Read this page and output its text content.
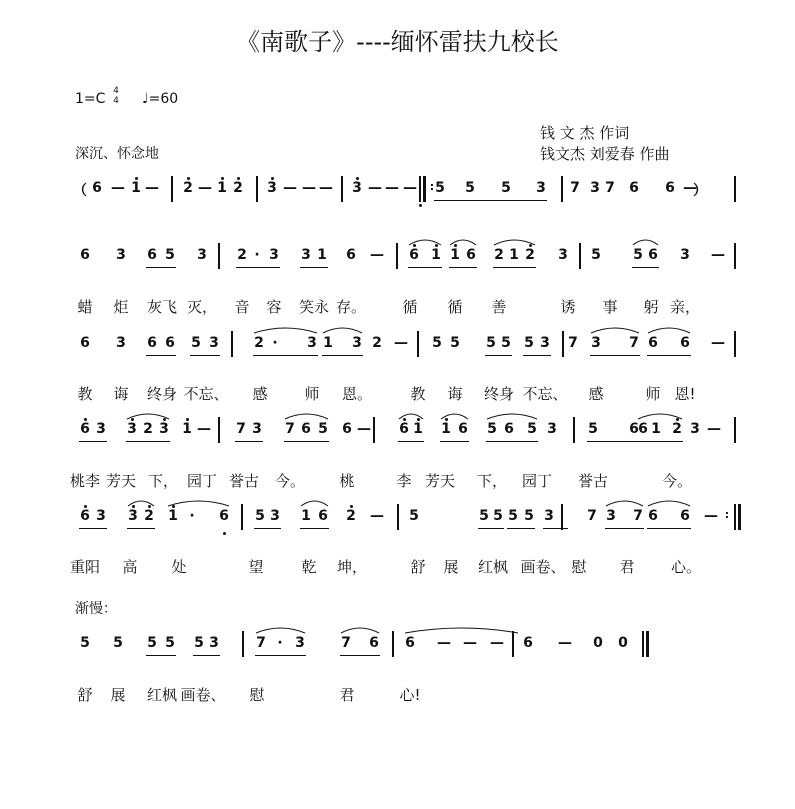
《南歌子》----缅怀雷扶九校长
1=C 4
4 ♩=60
钱 文 杰 作词
钱文杰 刘爱春 作曲
深沉、怀念地
（ 6 — 1 — 2 — 1 2 3 — — — 3 — — — : 5 5 5 3 7 3 7 6 6 —
）
6 3 6 5 3 2 · 3 3 1 6 — 6 1 1 6 2 1 2 3 5 5 6 3 —
蜡 炬 灰飞 灭， 音 容 笑永 存。 循 循 善	诱 事 躬 亲，
6 3 6 6 5 3	2 · 3 1 3 2 — 5 5 5 5 5 3 7 3 7 6 6 —
教 诲 终身 不忘、 感 师 恩。	教 诲 终身 不忘、 感	师 恩!
6 3 3 2 3 1 — 7 3 7 6 5 6 — 6 1 1 6 5 6 5 3 5 6 6 1 2 3 —
桃李 芳天 下， 园丁 誉古 今。 桃	李 芳天 下， 园丁 誉古	今。
6 3 3 2 1 · 6 5 3 1 6 2 — 5	5 5 5 5 3 7 3 7 6 6 — :
重阳 高 处	望	乾 坤，	舒 展 红枫 画卷、 慰 君 心。
渐慢：
5 5 5 5 5 3	7 · 3	7 6 6 — — — 6 — 0 0
舒 展 红枫 画卷、 慰	君	心!
